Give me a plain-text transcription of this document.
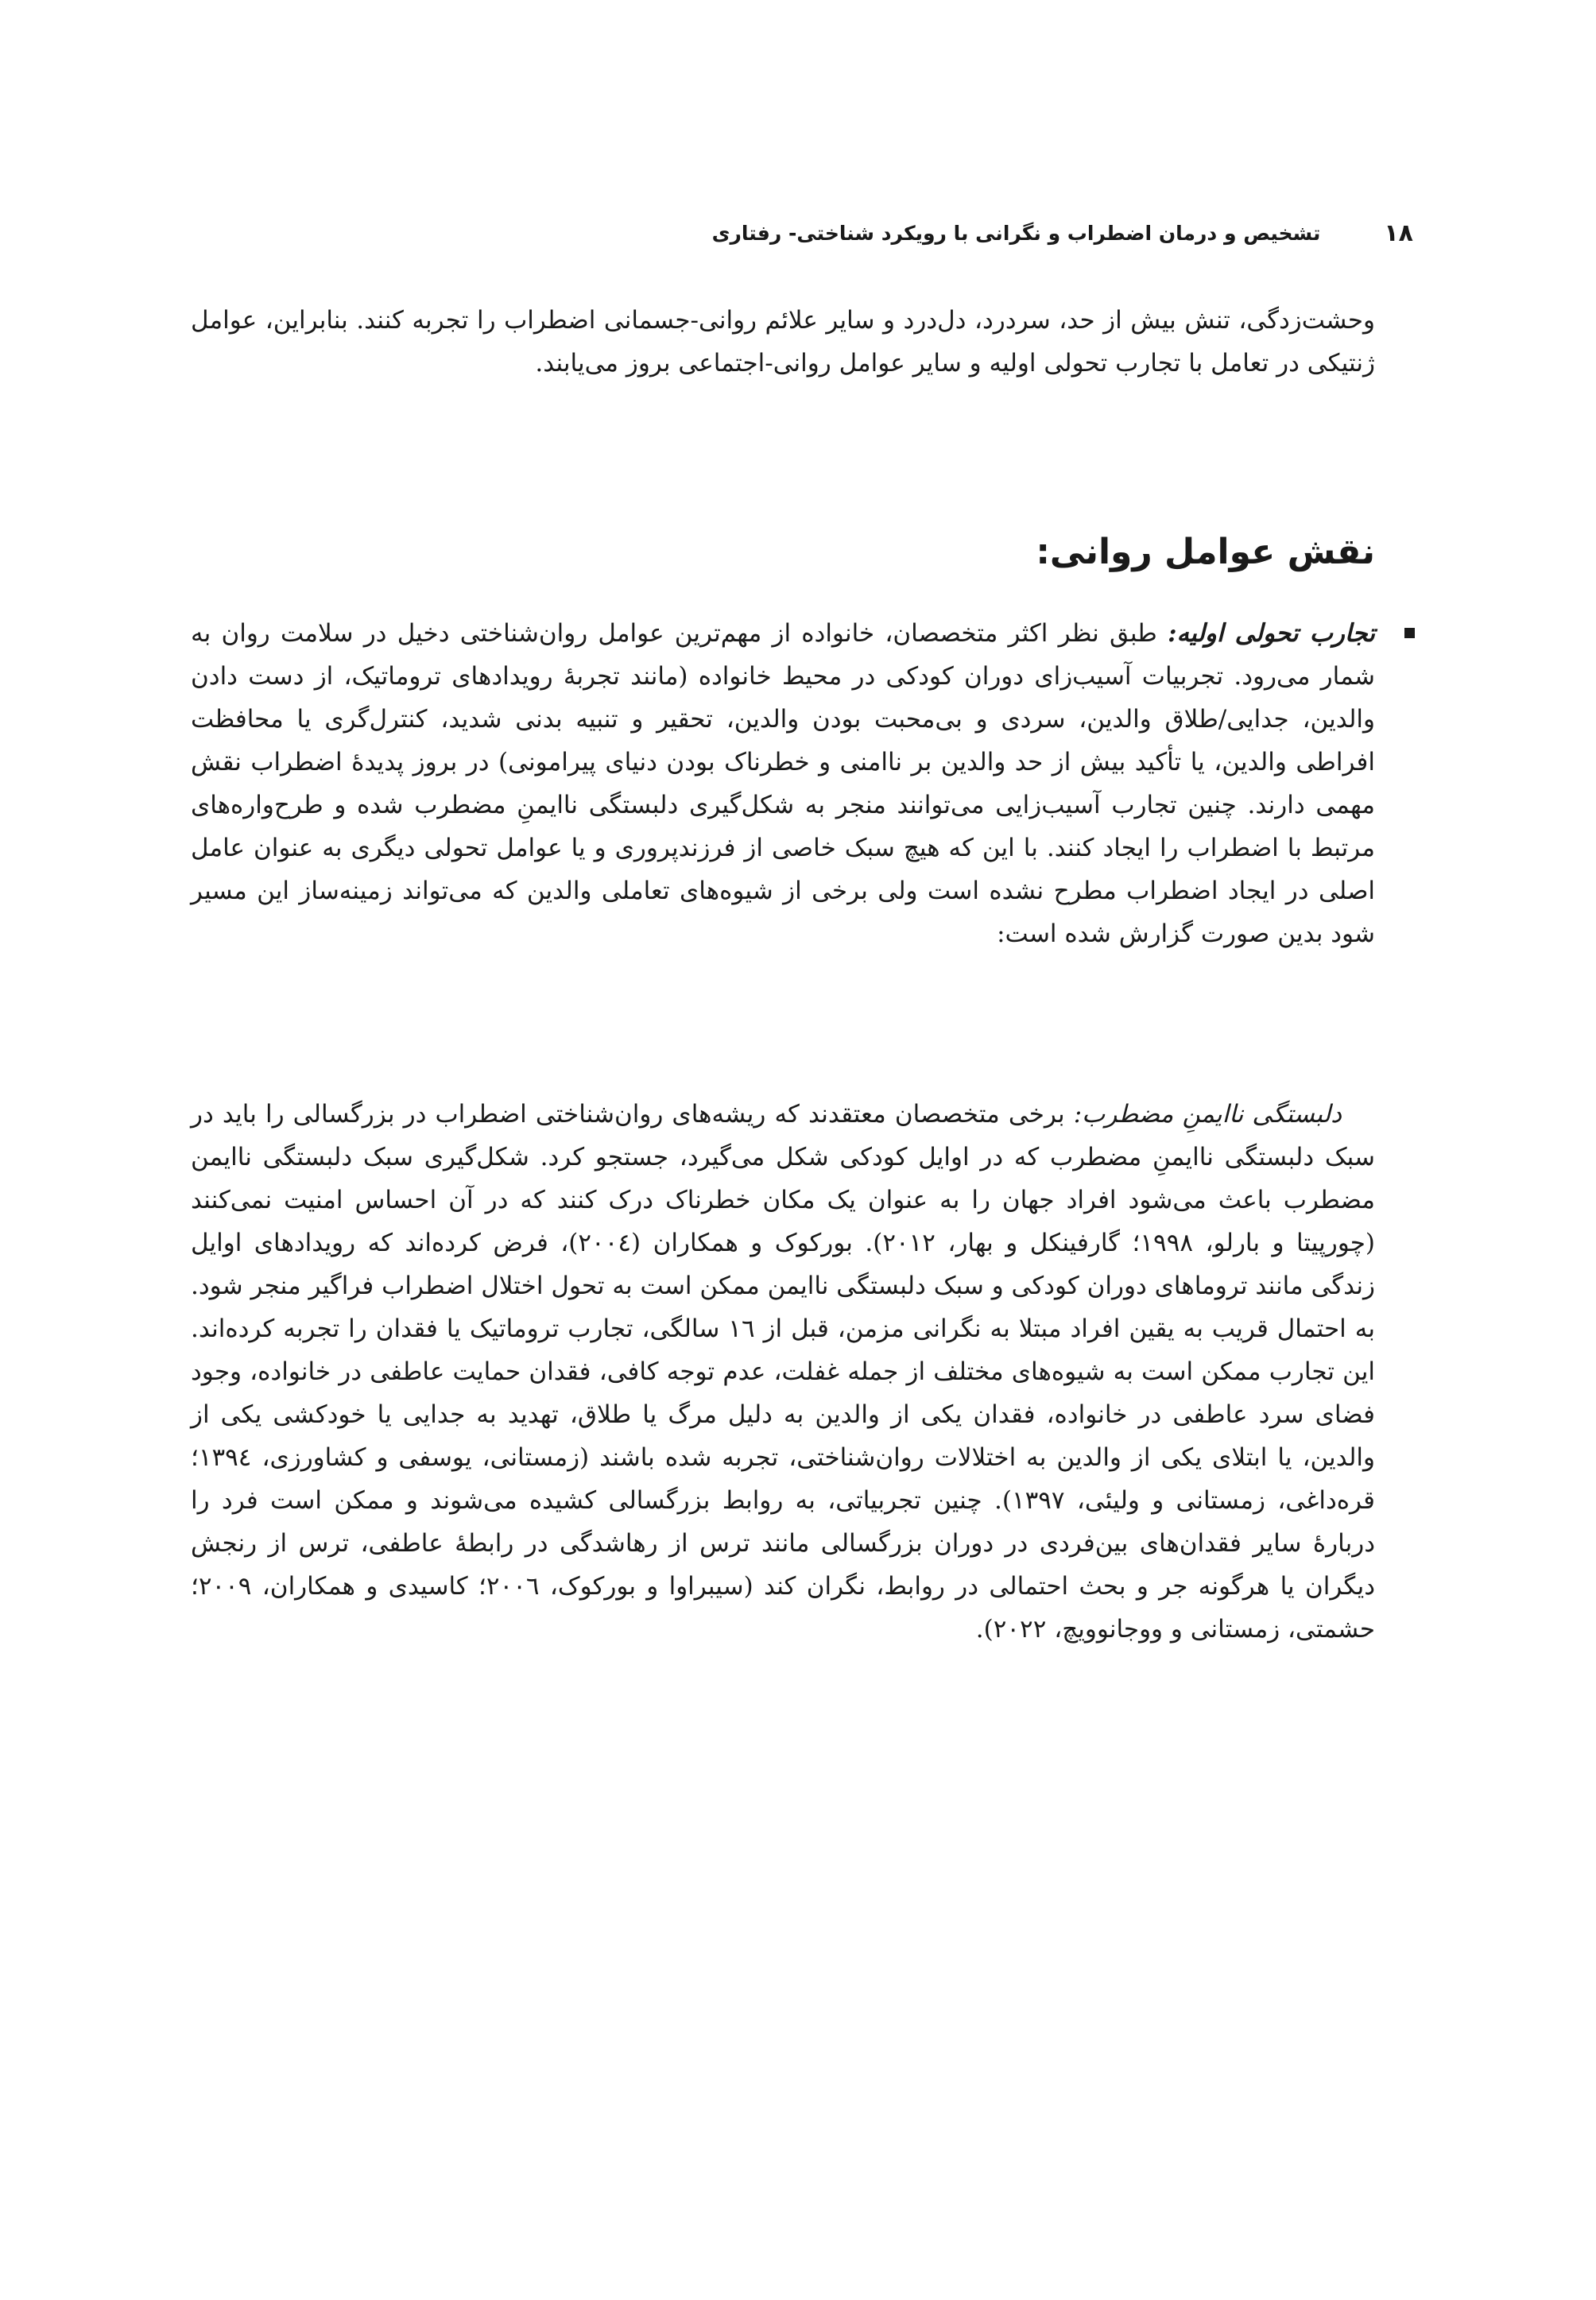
۱۸
تشخیص و درمان اضطراب و نگرانی با رویکرد شناختی- رفتاری

وحشت‌زدگی، تنش بیش از حد، سردرد، دل‌درد و سایر علائم روانی-جسمانی اضطراب را تجربه کنند. بنابراین، عوامل ژنتیکی در تعامل با تجارب تحولی اولیه و سایر عوامل روانی-اجتماعی بروز می‌یابند.

نقش عوامل روانی:

تجارب تحولی اولیه: طبق نظر اکثر متخصصان، خانواده از مهم‌ترین عوامل روان‌شناختی دخیل در سلامت روان به شمار می‌رود. تجربیات آسیب‌زای دوران کودکی در محیط خانواده (مانند تجربهٔ رویدادهای تروماتیک، از دست دادن والدین، جدایی/طلاق والدین، سردی و بی‌محبت بودن والدین، تحقیر و تنبیه بدنی شدید، کنترل‌گری یا محافظت افراطی والدین، یا تأکید بیش از حد والدین بر ناامنی و خطرناک بودن دنیای پیرامونی) در بروز پدیدهٔ اضطراب نقش مهمی دارند. چنین تجارب آسیب‌زایی می‌توانند منجر به شکل‌گیری دلبستگی ناایمنِ مضطرب شده و طرح‌واره‌های مرتبط با اضطراب را ایجاد کنند. با این که هیچ سبک خاصی از فرزندپروری و یا عوامل تحولی دیگری به عنوان عامل اصلی در ایجاد اضطراب مطرح نشده است ولی برخی از شیوه‌های تعاملی والدین که می‌تواند زمینه‌ساز این مسیر شود بدین صورت گزارش شده است:

دلبستگی ناایمنِ مضطرب: برخی متخصصان معتقدند که ریشه‌های روان‌شناختی اضطراب در بزرگسالی را باید در سبک دلبستگی ناایمنِ مضطرب که در اوایل کودکی شکل می‌گیرد، جستجو کرد. شکل‌گیری سبک دلبستگی ناایمن مضطرب باعث می‌شود افراد جهان را به عنوان یک مکان خطرناک درک کنند که در آن احساس امنیت نمی‌کنند (چورپیتا و بارلو، ۱۹۹۸؛ گارفینکل و بهار، ۲۰۱۲). بورکوک و همکاران (۲۰۰٤)، فرض کرده‌اند که رویدادهای اوایل زندگی مانند تروماهای دوران کودکی و سبک دلبستگی ناایمن ممکن است به تحول اختلال اضطراب فراگیر منجر شود. به احتمال قریب به یقین افراد مبتلا به نگرانی مزمن، قبل از ١٦ سالگی، تجارب تروماتیک یا فقدان را تجربه کرده‌اند. این تجارب ممکن است به شیوه‌های مختلف از جمله غفلت، عدم توجه کافی، فقدان حمایت عاطفی در خانواده، وجود فضای سرد عاطفی در خانواده، فقدان یکی از والدین به دلیل مرگ یا طلاق، تهدید به جدایی یا خودکشی یکی از والدین، یا ابتلای یکی از والدین به اختلالات روان‌شناختی، تجربه شده باشند (زمستانی، یوسفی و کشاورزی، ۱۳۹٤؛ قره‌داغی، زمستانی و ولیئی، ۱۳۹۷). چنین تجربیاتی، به روابط بزرگسالی کشیده می‌شوند و ممکن است فرد را دربارهٔ سایر فقدان‌های بین‌فردی در دوران بزرگسالی مانند ترس از رهاشدگی در رابطهٔ عاطفی، ترس از رنجش دیگران یا هرگونه جر و بحث احتمالی در روابط، نگران کند (سیبراوا و بورکوک، ۲۰۰٦؛ کاسیدی و همکاران، ۲۰۰۹؛ حشمتی، زمستانی و ووجانوویچ، ۲۰۲۲).
